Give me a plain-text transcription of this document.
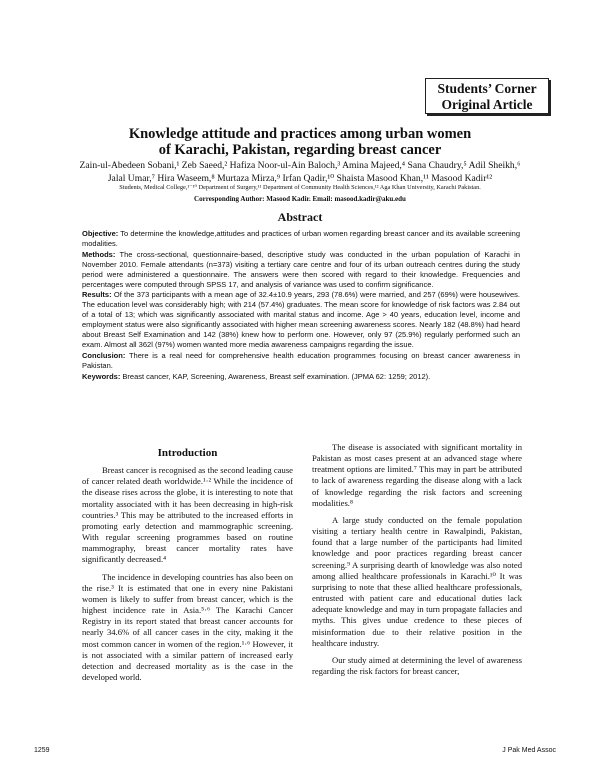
Students’ Corner
Original Article
Knowledge attitude and practices among urban women
of Karachi, Pakistan, regarding breast cancer
Zain-ul-Abedeen Sobani,¹ Zeb Saeed,² Hafiza Noor-ul-Ain Baloch,³ Amina Majeed,⁴ Sana Chaudry,⁵ Adil Sheikh,⁶
Jalal Umar,⁷ Hira Waseem,⁸ Murtaza Mirza,⁹ Irfan Qadir,¹⁰ Shaista Masood Khan,¹¹ Masood Kadir¹²
Students, Medical College,¹⁻¹⁰ Department of Surgery,¹¹ Department of Community Health Sciences,¹² Aga Khan University, Karachi Pakistan.
Corresponding Author: Masood Kadir. Email: masood.kadir@aku.edu
Abstract

Objective: To determine the knowledge,attitudes and practices of urban women regarding breast cancer and its available screening modalities.

Methods: The cross-sectional, questionnaire-based, descriptive study was conducted in the urban population of Karachi in November 2010. Female attendants (n=373) visiting a tertiary care centre and four of its urban outreach centres during the study period were administered a questionnaire. The answers were then scored with regard to their knowledge. Frequencies and percentages were computed through SPSS 17, and analysis of variance was used to confirm significance.

Results: Of the 373 participants with a mean age of 32.4±10.9 years, 293 (78.6%) were married, and 257 (69%) were housewives. The education level was considerably high; with 214 (57.4%) graduates. The mean score for knowledge of risk factors was 2.84 out of a total of 13; which was significantly associated with marital status and income. Age > 40 years, education level, income and employment status were also significantly associated with higher mean screening awareness scores. Nearly 182 (48.8%) had heard about Breast Self Examination and 142 (38%) knew how to perform one. However, only 97 (25.9%) regularly performed such an exam. Almost all 362l (97%) women wanted more media awareness campaigns regarding the issue.

Conclusion: There is a real need for comprehensive health education programmes focusing on breast cancer awareness in Pakistan.

Keywords: Breast cancer, KAP, Screening, Awareness, Breast self examination. (JPMA 62: 1259; 2012).

Introduction

Breast cancer is recognised as the second leading cause of cancer related death worldwide.¹·² While the incidence of the disease rises across the globe, it is interesting to note that mortality associated with it has been decreasing in high-risk countries.³ This may be attributed to the increased efforts in promoting early detection and mammographic screening. With regular screening programmes based on routine mammography, breast cancer mortality rates have significantly decreased.⁴

The incidence in developing countries has also been on the rise.³ It is estimated that one in every nine Pakistani women is likely to suffer from breast cancer, which is the highest incidence rate in Asia.⁵·⁶ The Karachi Cancer Registry in its report stated that breast cancer accounts for nearly 34.6% of all cancer cases in the city, making it the most common cancer in women of the region.¹·⁶ However, it is not associated with a similar pattern of increased early detection and decreased mortality as is the case in the developed world.

The disease is associated with significant mortality in Pakistan as most cases present at an advanced stage where treatment options are limited.⁷ This may in part be attributed to lack of awareness regarding the disease along with a lack of knowledge regarding the risk factors and screening modalities.⁸

A large study conducted on the female population visiting a tertiary health centre in Rawalpindi, Pakistan, found that a large number of the participants had limited knowledge and poor practices regarding breast cancer screening.⁹ A surprising dearth of knowledge was also noted among allied healthcare professionals in Karachi.¹⁰ It was surprising to note that these allied healthcare professionals, entrusted with patient care and educational duties lack adequate knowledge and may in turn propagate fallacies and myths. This gives undue credence to these pieces of misinformation due to their relative position in the healthcare industry.

Our study aimed at determining the level of awareness regarding the risk factors for breast cancer,

1259	J Pak Med Assoc
